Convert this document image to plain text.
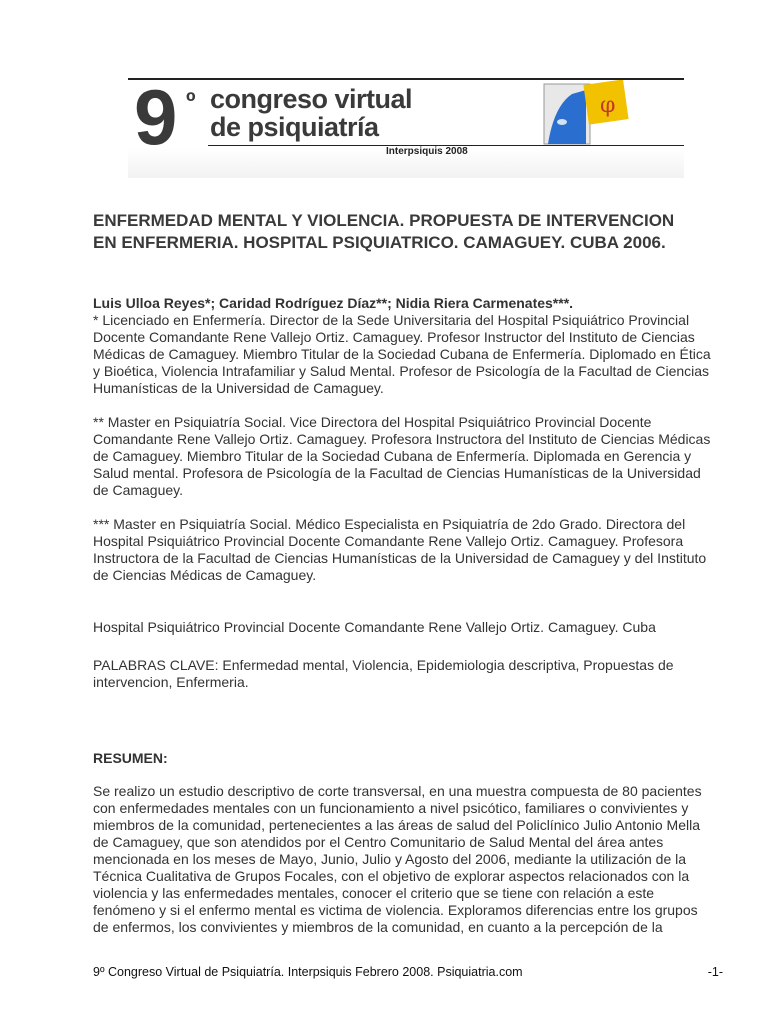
9 º congreso virtual
de psiquiatría
Interpsiquis 2008
φ
ENFERMEDAD MENTAL Y VIOLENCIA. PROPUESTA DE INTERVENCION
EN ENFERMERIA. HOSPITAL PSIQUIATRICO. CAMAGUEY. CUBA 2006.
Luis Ulloa Reyes*; Caridad Rodríguez Díaz**; Nidia Riera Carmenates***.
* Licenciado en Enfermería. Director de la Sede Universitaria del Hospital Psiquiátrico Provincial
Docente Comandante Rene Vallejo Ortiz. Camaguey. Profesor Instructor del Instituto de Ciencias
Médicas de Camaguey. Miembro Titular de la Sociedad Cubana de Enfermería. Diplomado en Ética
y Bioética, Violencia Intrafamiliar y Salud Mental. Profesor de Psicología de la Facultad de Ciencias
Humanísticas de la Universidad de Camaguey.
** Master en Psiquiatría Social. Vice Directora del Hospital Psiquiátrico Provincial Docente
Comandante Rene Vallejo Ortiz. Camaguey. Profesora Instructora del Instituto de Ciencias Médicas
de Camaguey. Miembro Titular de la Sociedad Cubana de Enfermería. Diplomada en Gerencia y
Salud mental. Profesora de Psicología de la Facultad de Ciencias Humanísticas de la Universidad
de Camaguey.
*** Master en Psiquiatría Social. Médico Especialista en Psiquiatría de 2do Grado. Directora del
Hospital Psiquiátrico Provincial Docente Comandante Rene Vallejo Ortiz. Camaguey. Profesora
Instructora de la Facultad de Ciencias Humanísticas de la Universidad de Camaguey y del Instituto
de Ciencias Médicas de Camaguey.
Hospital Psiquiátrico Provincial Docente Comandante Rene Vallejo Ortiz. Camaguey. Cuba
PALABRAS CLAVE: Enfermedad mental, Violencia, Epidemiologia descriptiva, Propuestas de
intervencion, Enfermeria.
RESUMEN:
Se realizo un estudio descriptivo de corte transversal, en una muestra compuesta de 80 pacientes
con enfermedades mentales con un funcionamiento a nivel psicótico, familiares o convivientes y
miembros de la comunidad, pertenecientes a las áreas de salud del Policlínico Julio Antonio Mella
de Camaguey, que son atendidos por el Centro Comunitario de Salud Mental del área antes
mencionada en los meses de Mayo, Junio, Julio y Agosto del 2006, mediante la utilización de la
Técnica Cualitativa de Grupos Focales, con el objetivo de explorar aspectos relacionados con la
violencia y las enfermedades mentales, conocer el criterio que se tiene con relación a este
fenómeno y si el enfermo mental es victima de violencia. Exploramos diferencias entre los grupos
de enfermos, los convivientes y miembros de la comunidad, en cuanto a la percepción de la
9º Congreso Virtual de Psiquiatría. Interpsiquis Febrero 2008. Psiquiatria.com	-1-
